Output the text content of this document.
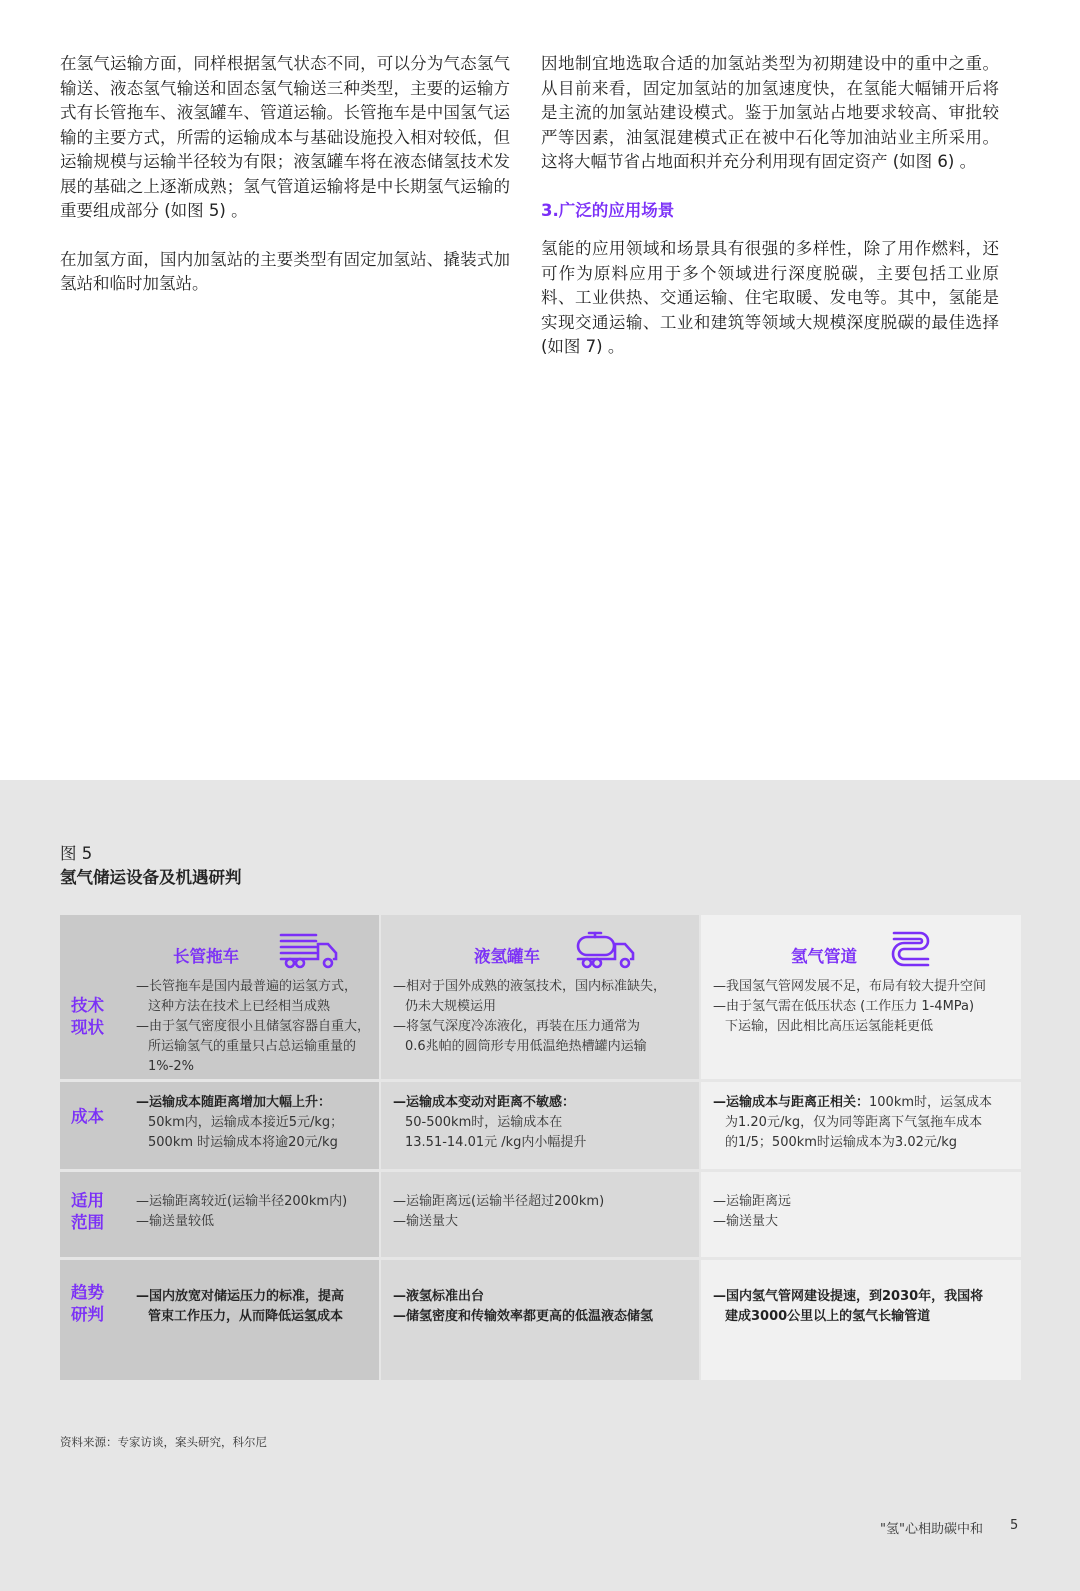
在氢气运输方面，同样根据氢气状态不同，可以分为气态氢气输送、液态氢气输送和固态氢气输送三种类型，主要的运输方式有长管拖车、液氢罐车、管道运输。长管拖车是中国氢气运输的主要方式，所需的运输成本与基础设施投入相对较低，但运输规模与运输半径较为有限；液氢罐车将在液态储氢技术发展的基础之上逐渐成熟；氢气管道运输将是中长期氢气运输的重要组成部分 (如图 5) 。

在加氢方面，国内加氢站的主要类型有固定加氢站、撬装式加氢站和临时加氢站。

因地制宜地选取合适的加氢站类型为初期建设中的重中之重。从目前来看，固定加氢站的加氢速度快，在氢能大幅铺开后将是主流的加氢站建设模式。鉴于加氢站占地要求较高、审批较严等因素，油氢混建模式正在被中石化等加油站业主所采用。这将大幅节省占地面积并充分利用现有固定资产 (如图 6) 。

3.广泛的应用场景

氢能的应用领域和场景具有很强的多样性，除了用作燃料，还可作为原料应用于多个领域进行深度脱碳，主要包括工业原料、工业供热、交通运输、住宅取暖、发电等。其中，氢能是实现交通运输、工业和建筑等领域大规模深度脱碳的最佳选择 (如图 7) 。

图 5
氢气储运设备及机遇研判
长管拖车	液氢罐车	氢气管道
技术
现状
成本
适用
范围
趋势
研判
—长管拖车是国内最普遍的运氢方式，
这种方法在技术上已经相当成熟
—由于氢气密度很小且储氢容器自重大，
所运输氢气的重量只占总运输重量的
1%-2%
—相对于国外成熟的液氢技术，国内标准缺失，
仍未大规模运用
—将氢气深度冷冻液化，再装在压力通常为
0.6兆帕的圆筒形专用低温绝热槽罐内运输
—我国氢气管网发展不足，布局有较大提升空间
—由于氢气需在低压状态 (工作压力 1-4MPa)
下运输，因此相比高压运氢能耗更低
—运输成本随距离增加大幅上升：
50km内，运输成本接近5元/kg；
500km 时运输成本将逾20元/kg
—运输成本变动对距离不敏感：
50-500km时，运输成本在
13.51-14.01元 /kg内小幅提升
—运输成本与距离正相关：100km时，运氢成本
为1.20元/kg，仅为同等距离下气氢拖车成本
的1/5；500km时运输成本为3.02元/kg
—运输距离较近(运输半径200km内)
—输送量较低
—运输距离远(运输半径超过200km)
—输送量大
—运输距离远
—输送量大
—国内放宽对储运压力的标准，提高
管束工作压力，从而降低运氢成本
—液氢标准出台
—储氢密度和传输效率都更高的低温液态储氢
—国内氢气管网建设提速，到2030年，我国将
建成3000公里以上的氢气长输管道
资料来源：专家访谈，案头研究，科尔尼
"氢"心相助碳中和 5
